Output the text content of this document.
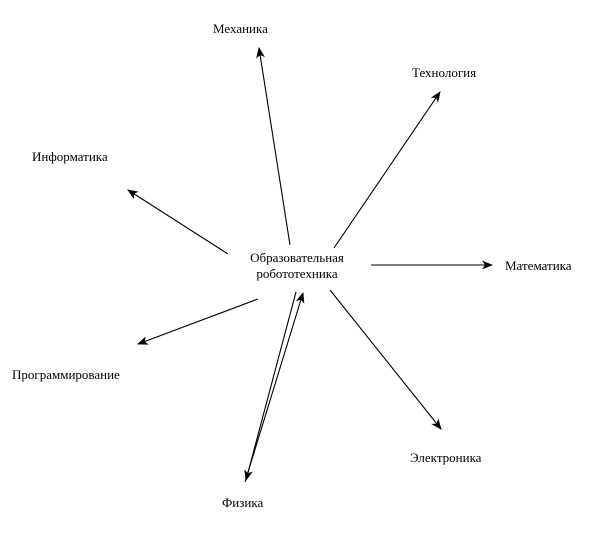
Образовательная
робототехника
Механика
Технология
Информатика
Математика
Программирование
Электроника
Физика
